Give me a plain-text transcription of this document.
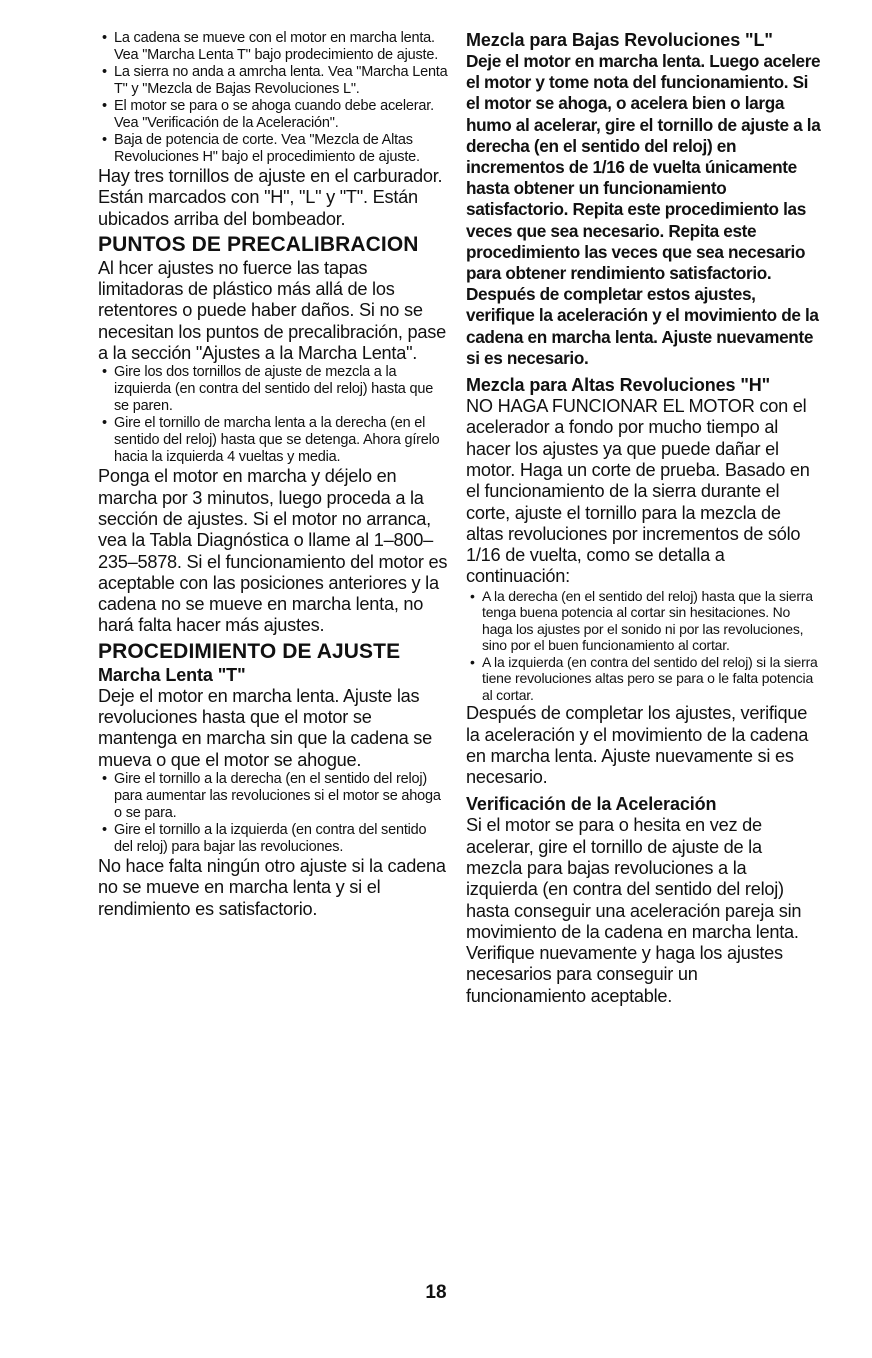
• La cadena se mueve con el motor en marcha lenta. Vea "Marcha Lenta T" bajo prodecimiento de ajuste.
• La sierra no anda a amrcha lenta. Vea "Marcha Lenta T" y "Mezcla de Bajas Revoluciones L".
• El motor se para o se ahoga cuando debe acelerar. Vea "Verificación de la Aceleración".
• Baja de potencia de corte. Vea "Mezcla de Altas Revoluciones H" bajo el procedimiento de ajuste.

Hay tres tornillos de ajuste en el carburador. Están marcados con "H", "L" y "T". Están ubicados arriba del bombeador.

PUNTOS DE PRECALIBRACION

Al hcer ajustes no fuerce las tapas limitadoras de plástico más allá de los retentores o puede haber daños. Si no se necesitan los puntos de precalibración, pase a la sección "Ajustes a la Marcha Lenta".

• Gire los dos tornillos de ajuste de mezcla a la izquierda (en contra del sentido del reloj) hasta que se paren.
• Gire el tornillo de marcha lenta a la derecha (en el sentido del reloj) hasta que se detenga. Ahora gírelo hacia la izquierda 4 vueltas y media.

Ponga el motor en marcha y déjelo en marcha por 3 minutos, luego proceda a la sección de ajustes. Si el motor no arranca, vea la Tabla Diagnóstica o llame al 1–800–235–5878. Si el funcionamiento del motor es aceptable con las posiciones anteriores y la cadena no se mueve en marcha lenta, no hará falta hacer más ajustes.

PROCEDIMIENTO DE AJUSTE
Marcha Lenta "T"

Deje el motor en marcha lenta. Ajuste las revoluciones hasta que el motor se mantenga en marcha sin que la cadena se mueva o que el motor se ahogue.

• Gire el tornillo a la derecha (en el sentido del reloj) para aumentar las revoluciones si el motor se ahoga o se para.
• Gire el tornillo a la izquierda (en contra del sentido del reloj) para bajar las revoluciones.

No hace falta ningún otro ajuste si la cadena no se mueve en marcha lenta y si el rendimiento es satisfactorio.

Mezcla para Bajas Revoluciones "L"

Deje el motor en marcha lenta. Luego acelere el motor y tome nota del funcionamiento. Si el motor se ahoga, o acelera bien o larga humo al acelerar, gire el tornillo de ajuste a la derecha (en el sentido del reloj) en incrementos de 1/16 de vuelta únicamente hasta obtener un funcionamiento satisfactorio. Repita este procedimiento las veces que sea necesario. Repita este procedimiento las veces que sea necesario para obtener rendimiento satisfactorio. Después de completar estos ajustes, verifique la aceleración y el movimiento de la cadena en marcha lenta. Ajuste nuevamente si es necesario.

Mezcla para Altas Revoluciones "H"

NO HAGA FUNCIONAR EL MOTOR con el acelerador a fondo por mucho tiempo al hacer los ajustes ya que puede dañar el motor. Haga un corte de prueba. Basado en el funcionamiento de la sierra durante el corte, ajuste el tornillo para la mezcla de altas revoluciones por incrementos de sólo 1/16 de vuelta, como se detalla a continuación:

• A la derecha (en el sentido del reloj) hasta que la sierra tenga buena potencia al cortar sin hesitaciones. No haga los ajustes por el sonido ni por las revoluciones, sino por el buen funcionamiento al cortar.
• A la izquierda (en contra del sentido del reloj) si la sierra tiene revoluciones altas pero se para o le falta potencia al cortar.

Después de completar los ajustes, verifique la aceleración y el movimiento de la cadena en marcha lenta. Ajuste nuevamente si es necesario.

Verificación de la Aceleración

Si el motor se para o hesita en vez de acelerar, gire el tornillo de ajuste de la mezcla para bajas revoluciones a la izquierda (en contra del sentido del reloj) hasta conseguir una aceleración pareja sin movimiento de la cadena en marcha lenta. Verifique nuevamente y haga los ajustes necesarios para conseguir un funcionamiento aceptable.

18
